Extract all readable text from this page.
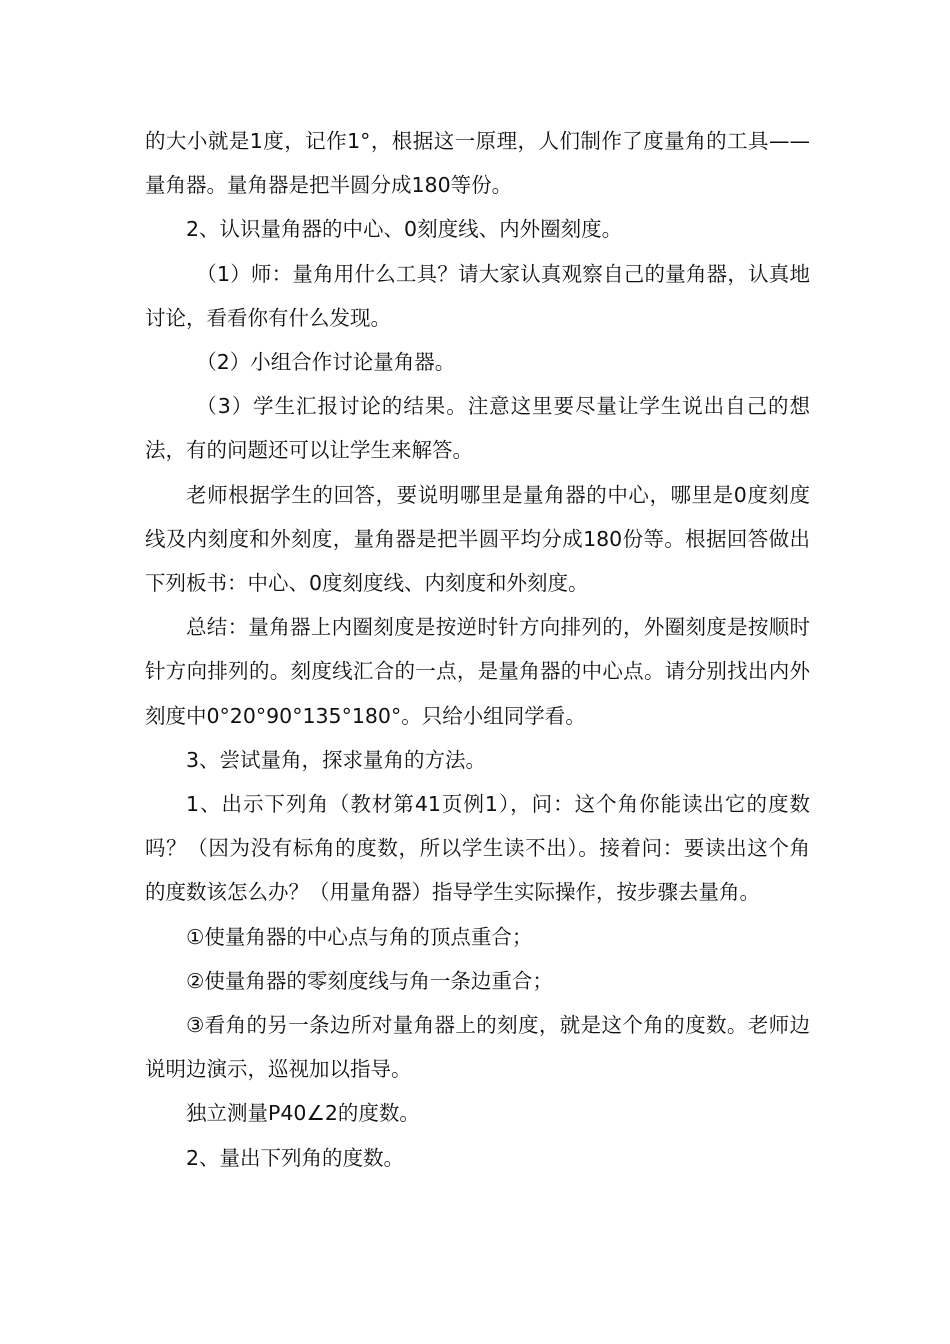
的大小就是1度，记作1°，根据这一原理，人们制作了度量角的工具——量角器。量角器是把半圆分成180等份。

2、认识量角器的中心、0刻度线、内外圈刻度。

（1）师：量角用什么工具？请大家认真观察自己的量角器，认真地讨论，看看你有什么发现。

（2）小组合作讨论量角器。

（3）学生汇报讨论的结果。注意这里要尽量让学生说出自己的想法，有的问题还可以让学生来解答。

老师根据学生的回答，要说明哪里是量角器的中心，哪里是0度刻度线及内刻度和外刻度，量角器是把半圆平均分成180份等。根据回答做出下列板书：中心、0度刻度线、内刻度和外刻度。

总结：量角器上内圈刻度是按逆时针方向排列的，外圈刻度是按顺时针方向排列的。刻度线汇合的一点，是量角器的中心点。请分别找出内外刻度中0°20°90°135°180°。只给小组同学看。

3、尝试量角，探求量角的方法。

1、出示下列角（教材第41页例1），问：这个角你能读出它的度数吗？（因为没有标角的度数，所以学生读不出）。接着问：要读出这个角的度数该怎么办？（用量角器）指导学生实际操作，按步骤去量角。

①使量角器的中心点与角的顶点重合；

②使量角器的零刻度线与角一条边重合；

③看角的另一条边所对量角器上的刻度，就是这个角的度数。老师边说明边演示，巡视加以指导。

独立测量P40∠2的度数。

2、量出下列角的度数。
